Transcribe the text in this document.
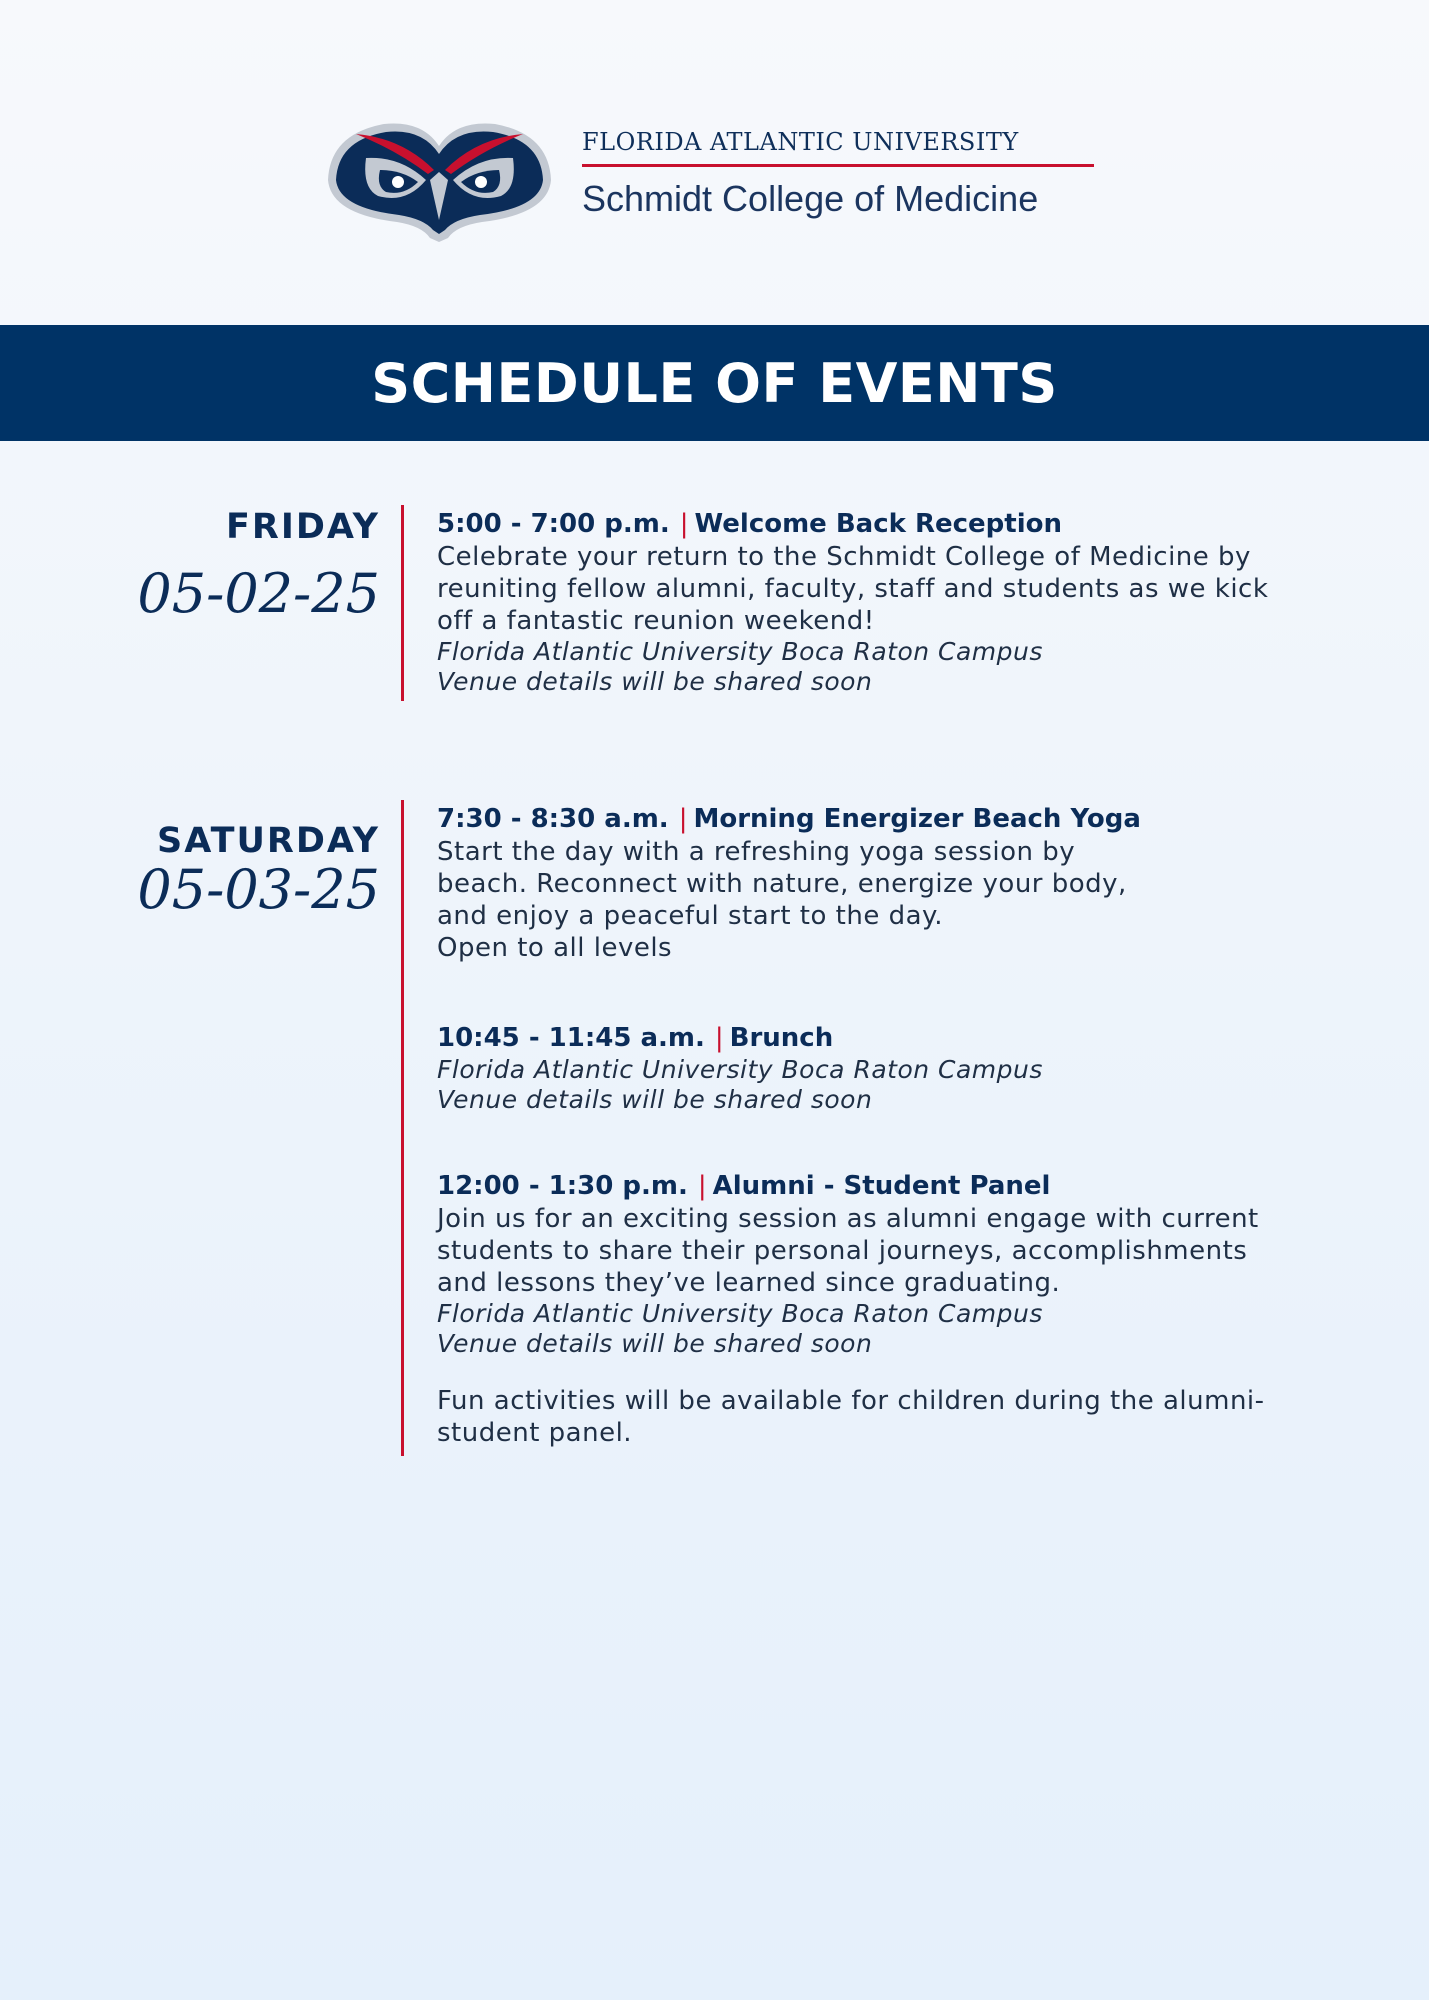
FLORIDA ATLANTIC UNIVERSITY
Schmidt College of Medicine
SCHEDULE OF EVENTS
FRIDAY
05-02-25
5:00 - 7:00 p.m. | Welcome Back Reception
Celebrate your return to the Schmidt College of Medicine by
reuniting fellow alumni, faculty, staff and students as we kick
off a fantastic reunion weekend!
Florida Atlantic University Boca Raton Campus
Venue details will be shared soon
SATURDAY
05-03-25
7:30 - 8:30 a.m. | Morning Energizer Beach Yoga
Start the day with a refreshing yoga session by
beach. Reconnect with nature, energize your body,
and enjoy a peaceful start to the day.
Open to all levels
10:45 - 11:45 a.m. | Brunch
Florida Atlantic University Boca Raton Campus
Venue details will be shared soon
12:00 - 1:30 p.m. | Alumni - Student Panel
Join us for an exciting session as alumni engage with current
students to share their personal journeys, accomplishments
and lessons they’ve learned since graduating.
Florida Atlantic University Boca Raton Campus
Venue details will be shared soon
Fun activities will be available for children during the alumni-
student panel.
